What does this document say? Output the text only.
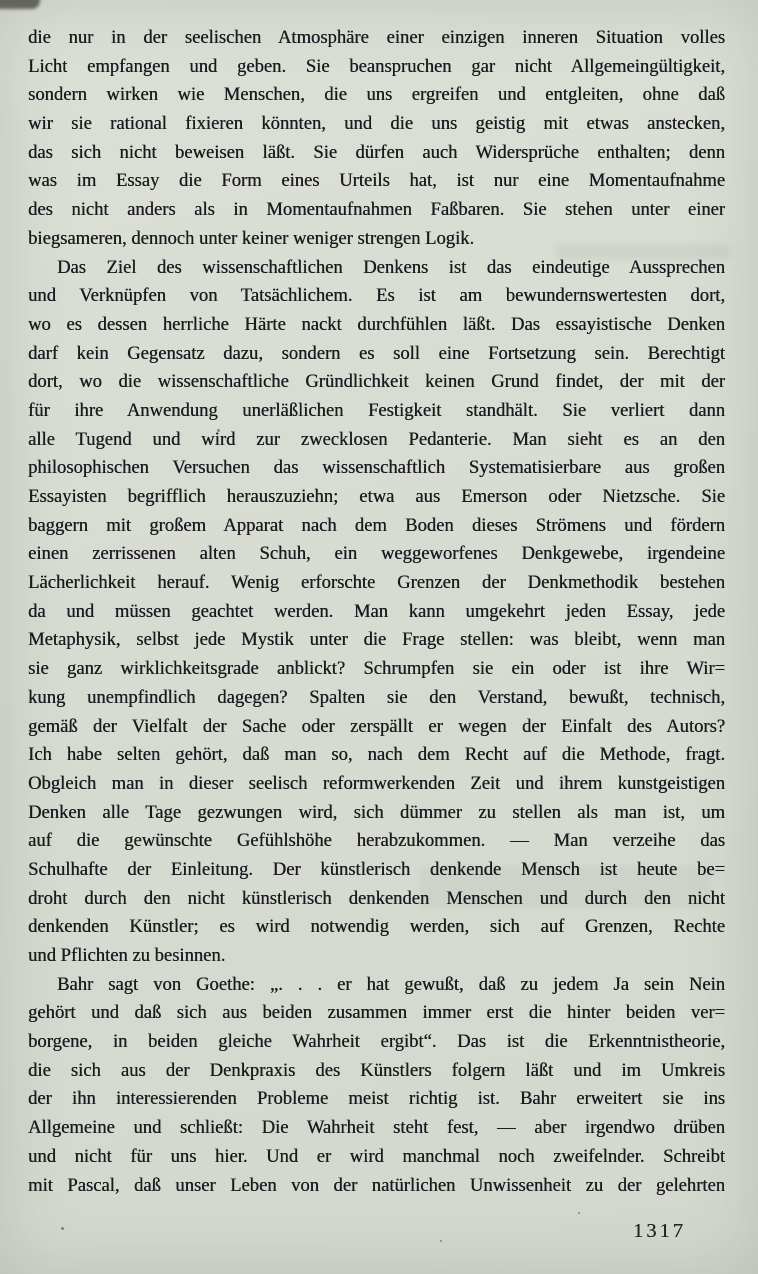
die nur in der seelischen Atmosphäre einer einzigen inneren Situation volles
Licht empfangen und geben. Sie beanspruchen gar nicht Allgemeingültigkeit,
sondern wirken wie Menschen, die uns ergreifen und entgleiten, ohne daß
wir sie rational fixieren könnten, und die uns geistig mit etwas anstecken,
das sich nicht beweisen läßt. Sie dürfen auch Widersprüche enthalten; denn
was im Essay die Form eines Urteils hat, ist nur eine Momentaufnahme
des nicht anders als in Momentaufnahmen Faßbaren. Sie stehen unter einer
biegsameren, dennoch unter keiner weniger strengen Logik.
Das Ziel des wissenschaftlichen Denkens ist das eindeutige Aussprechen
und Verknüpfen von Tatsächlichem. Es ist am bewundernswertesten dort,
wo es dessen herrliche Härte nackt durchfühlen läßt. Das essayistische Denken
darf kein Gegensatz dazu, sondern es soll eine Fortsetzung sein. Berechtigt
dort, wo die wissenschaftliche Gründlichkeit keinen Grund findet, der mit der
für ihre Anwendung unerläßlichen Festigkeit standhält. Sie verliert dann
alle Tugend und wird zur zwecklosen Pedanterie. Man sieht es an den
philosophischen Versuchen das wissenschaftlich Systematisierbare aus großen
Essayisten begrifflich herauszuziehn; etwa aus Emerson oder Nietzsche. Sie
baggern mit großem Apparat nach dem Boden dieses Strömens und fördern
einen zerrissenen alten Schuh, ein weggeworfenes Denkgewebe, irgendeine
Lächerlichkeit herauf. Wenig erforschte Grenzen der Denkmethodik bestehen
da und müssen geachtet werden. Man kann umgekehrt jeden Essay, jede
Metaphysik, selbst jede Mystik unter die Frage stellen: was bleibt, wenn man
sie ganz wirklichkeitsgrade anblickt? Schrumpfen sie ein oder ist ihre Wir=
kung unempfindlich dagegen? Spalten sie den Verstand, bewußt, technisch,
gemäß der Vielfalt der Sache oder zerspällt er wegen der Einfalt des Autors?
Ich habe selten gehört, daß man so, nach dem Recht auf die Methode, fragt.
Obgleich man in dieser seelisch reformwerkenden Zeit und ihrem kunstgeistigen
Denken alle Tage gezwungen wird, sich dümmer zu stellen als man ist, um
auf die gewünschte Gefühlshöhe herabzukommen. — Man verzeihe das
Schulhafte der Einleitung. Der künstlerisch denkende Mensch ist heute be=
droht durch den nicht künstlerisch denkenden Menschen und durch den nicht
denkenden Künstler; es wird notwendig werden, sich auf Grenzen, Rechte
und Pflichten zu besinnen.
Bahr sagt von Goethe: „. . . er hat gewußt, daß zu jedem Ja sein Nein
gehört und daß sich aus beiden zusammen immer erst die hinter beiden ver=
borgene, in beiden gleiche Wahrheit ergibt“. Das ist die Erkenntnistheorie,
die sich aus der Denkpraxis des Künstlers folgern läßt und im Umkreis
der ihn interessierenden Probleme meist richtig ist. Bahr erweitert sie ins
Allgemeine und schließt: Die Wahrheit steht fest, — aber irgendwo drüben
und nicht für uns hier. Und er wird manchmal noch zweifelnder. Schreibt
mit Pascal, daß unser Leben von der natürlichen Unwissenheit zu der gelehrten
1317
